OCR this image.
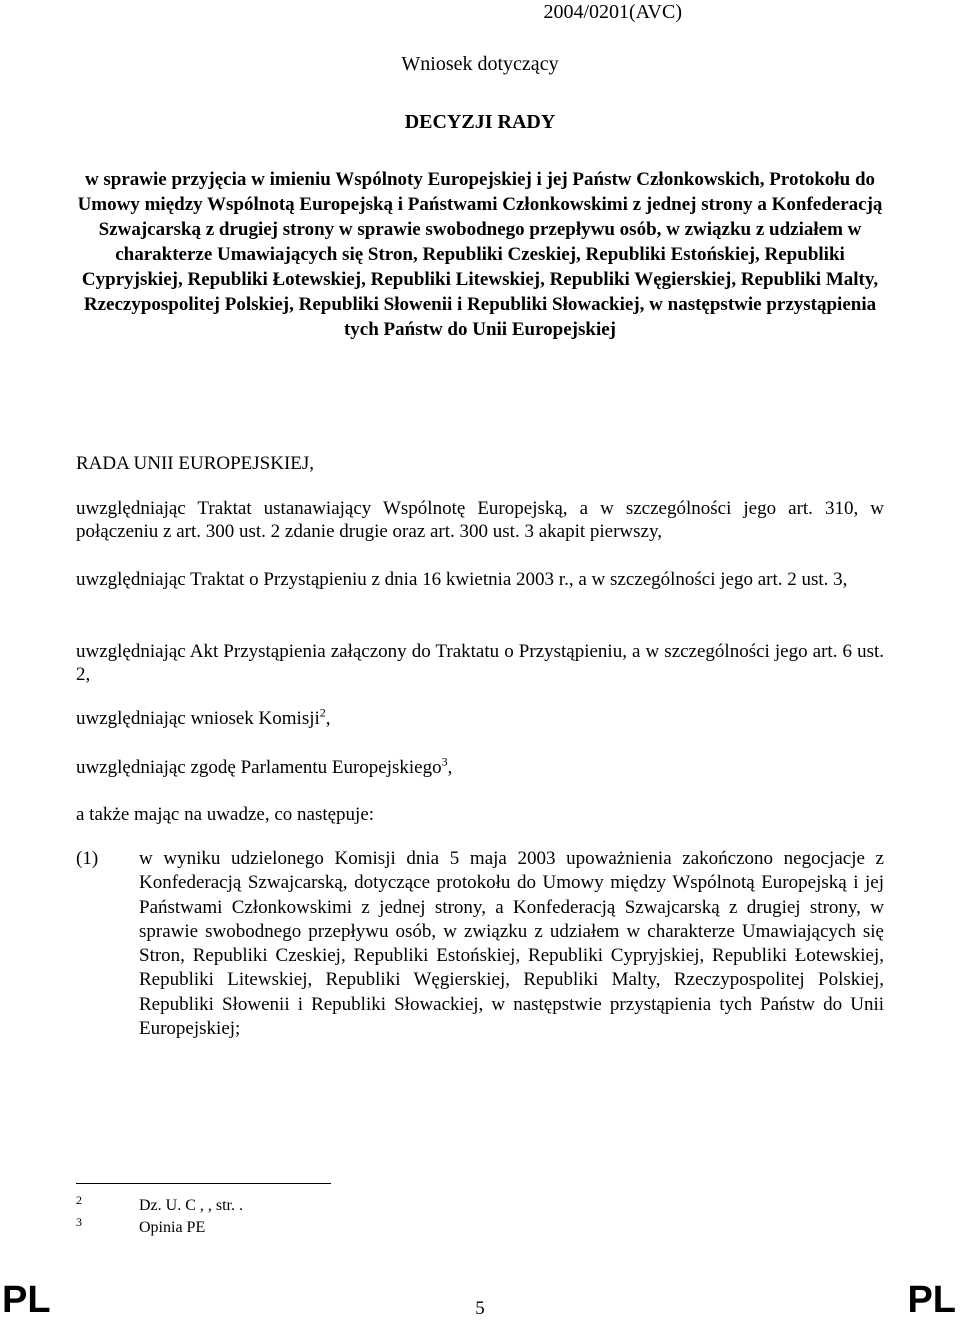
2004/0201(AVC)
Wniosek dotyczący
DECYZJI RADY
w sprawie przyjęcia w imieniu Wspólnoty Europejskiej i jej Państw Członkowskich, Protokołu do Umowy między Wspólnotą Europejską i Państwami Członkowskimi z jednej strony a Konfederacją Szwajcarską z drugiej strony w sprawie swobodnego przepływu osób, w związku z udziałem w charakterze Umawiających się Stron, Republiki Czeskiej, Republiki Estońskiej, Republiki Cypryjskiej, Republiki Łotewskiej, Republiki Litewskiej, Republiki Węgierskiej, Republiki Malty, Rzeczypospolitej Polskiej, Republiki Słowenii i Republiki Słowackiej, w następstwie przystąpienia tych Państw do Unii Europejskiej
RADA UNII EUROPEJSKIEJ,
uwzględniając Traktat ustanawiający Wspólnotę Europejską, a w szczególności jego art. 310, w połączeniu z art. 300 ust. 2 zdanie drugie oraz art. 300 ust. 3 akapit pierwszy,
uwzględniając Traktat o Przystąpieniu z dnia 16 kwietnia 2003 r., a w szczególności jego art. 2 ust. 3,
uwzględniając Akt Przystąpienia załączony do Traktatu o Przystąpieniu, a w szczególności jego art. 6 ust. 2,
uwzględniając wniosek Komisji$^2$,
uwzględniając zgodę Parlamentu Europejskiego$^3$,
a także mając na uwadze, co następuje:
(1) w wyniku udzielonego Komisji dnia 5 maja 2003 upoważnienia zakończono negocjacje z Konfederacją Szwajcarską, dotyczące protokołu do Umowy między Wspólnotą Europejską i jej Państwami Członkowskimi z jednej strony, a Konfederacją Szwajcarską z drugiej strony, w sprawie swobodnego przepływu osób, w związku z udziałem w charakterze Umawiających się Stron, Republiki Czeskiej, Republiki Estońskiej, Republiki Cypryjskiej, Republiki Łotewskiej, Republiki Litewskiej, Republiki Węgierskiej, Republiki Malty, Rzeczypospolitej Polskiej, Republiki Słowenii i Republiki Słowackiej, w następstwie przystąpienia tych Państw do Unii Europejskiej;
2	Dz. U. C , , str. .
3	Opinia PE
PL	5	PL
